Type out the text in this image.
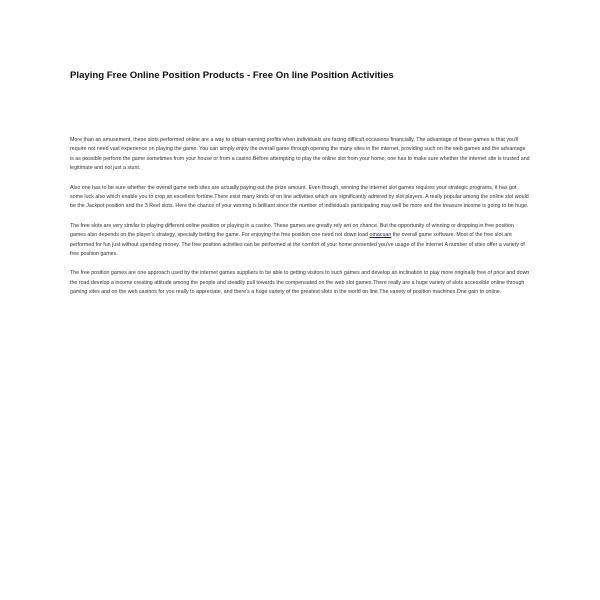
Playing Free Online Position Products - Free On line Position Activities

More than an amusement, these slots performed online are a way to obtain earning profits when individuals are facing difficult occasions financially. The advantage of these games is that you'll require not need vast experience on playing the game. You can simply enjoy the overall game through opening the many sites in the internet, providing such on the web games and the advantage is as possible perform the game sometimes from your house or from a casino.Before attempting to play the online slot from your home, one has to make sure whether the internet site is trusted and legitimate and not just a stunt.

Also one has to be sure whether the overall game web sites are actually paying out the prize amount. Even though, winning the internet slot games requires your strategic programs, it has got some luck also which enable you to crop an excellent fortune.There exist many kinds of on line activities which are significantly admired by slot players. A really popular among the online slot would be the Jackpot position and the 3 Reel slots. Here the chance of your winning is brilliant since the number of individuals participating may well be more and the treasure income is going to be huge.

The free slots are very similar to playing different online position or playing in a casino. These games are greatly rely ant on chance. But the opportunity of winning or dropping in free position games also depends on the player's strategy, specially betting the game. For enjoying the free position one need not down load omacuan the overall game software. Most of the free slot are performed for fun just without spending money. The free position activities can be performed at the comfort of your home presented you've usage of the internet A number of sites offer a variety of free position games.

The free position games are one approach used by the internet games suppliers to be able to getting visitors to such games and develop an inclination to play more originally free of price and down the road develop a income creating attitude among the people and steadily pull towards the compensated on the web slot games.There really are a huge variety of slots accessible online through gaming sites and on the web casinos for you really to appreciate, and there's a huge variety of the greatest slots in the world on line.The variety of position machines.One gain to online.
